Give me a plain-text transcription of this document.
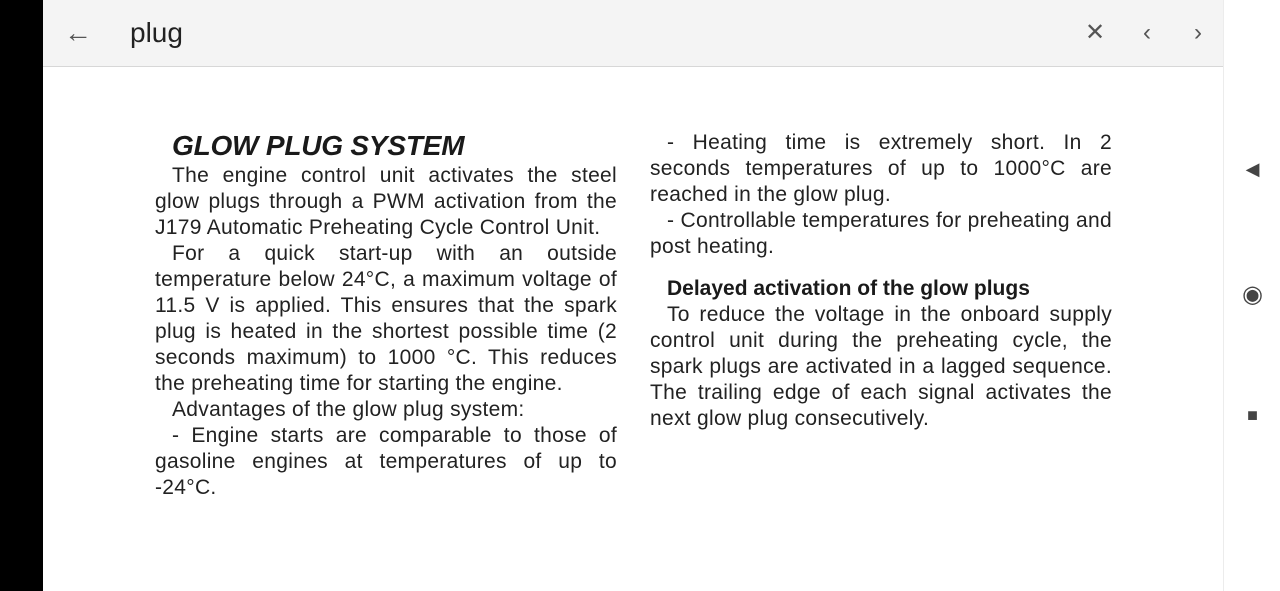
← plug	✕	‹	›
GLOW PLUG SYSTEM

The engine control unit activates the steel glow plugs through a PWM activation from the J179 Automatic Preheating Cycle Control Unit.

For a quick start-up with an outside temperature below 24°C, a maximum voltage of 11.5 V is applied. This ensures that the spark plug is heated in the shortest possible time (2 seconds maximum) to 1000 °C. This reduces the preheating time for starting the engine.

Advantages of the glow plug system:

- Engine starts are comparable to those of gasoline engines at temperatures of up to -24°C.

- Heating time is extremely short. In 2 seconds temperatures of up to 1000°C are reached in the glow plug.

- Controllable temperatures for preheating and post heating.

Delayed activation of the glow plugs

To reduce the voltage in the onboard supply control unit during the preheating cycle, the spark plugs are activated in a lagged sequence. The trailing edge of each signal activates the next glow plug consecutively.

◀
◉
■
